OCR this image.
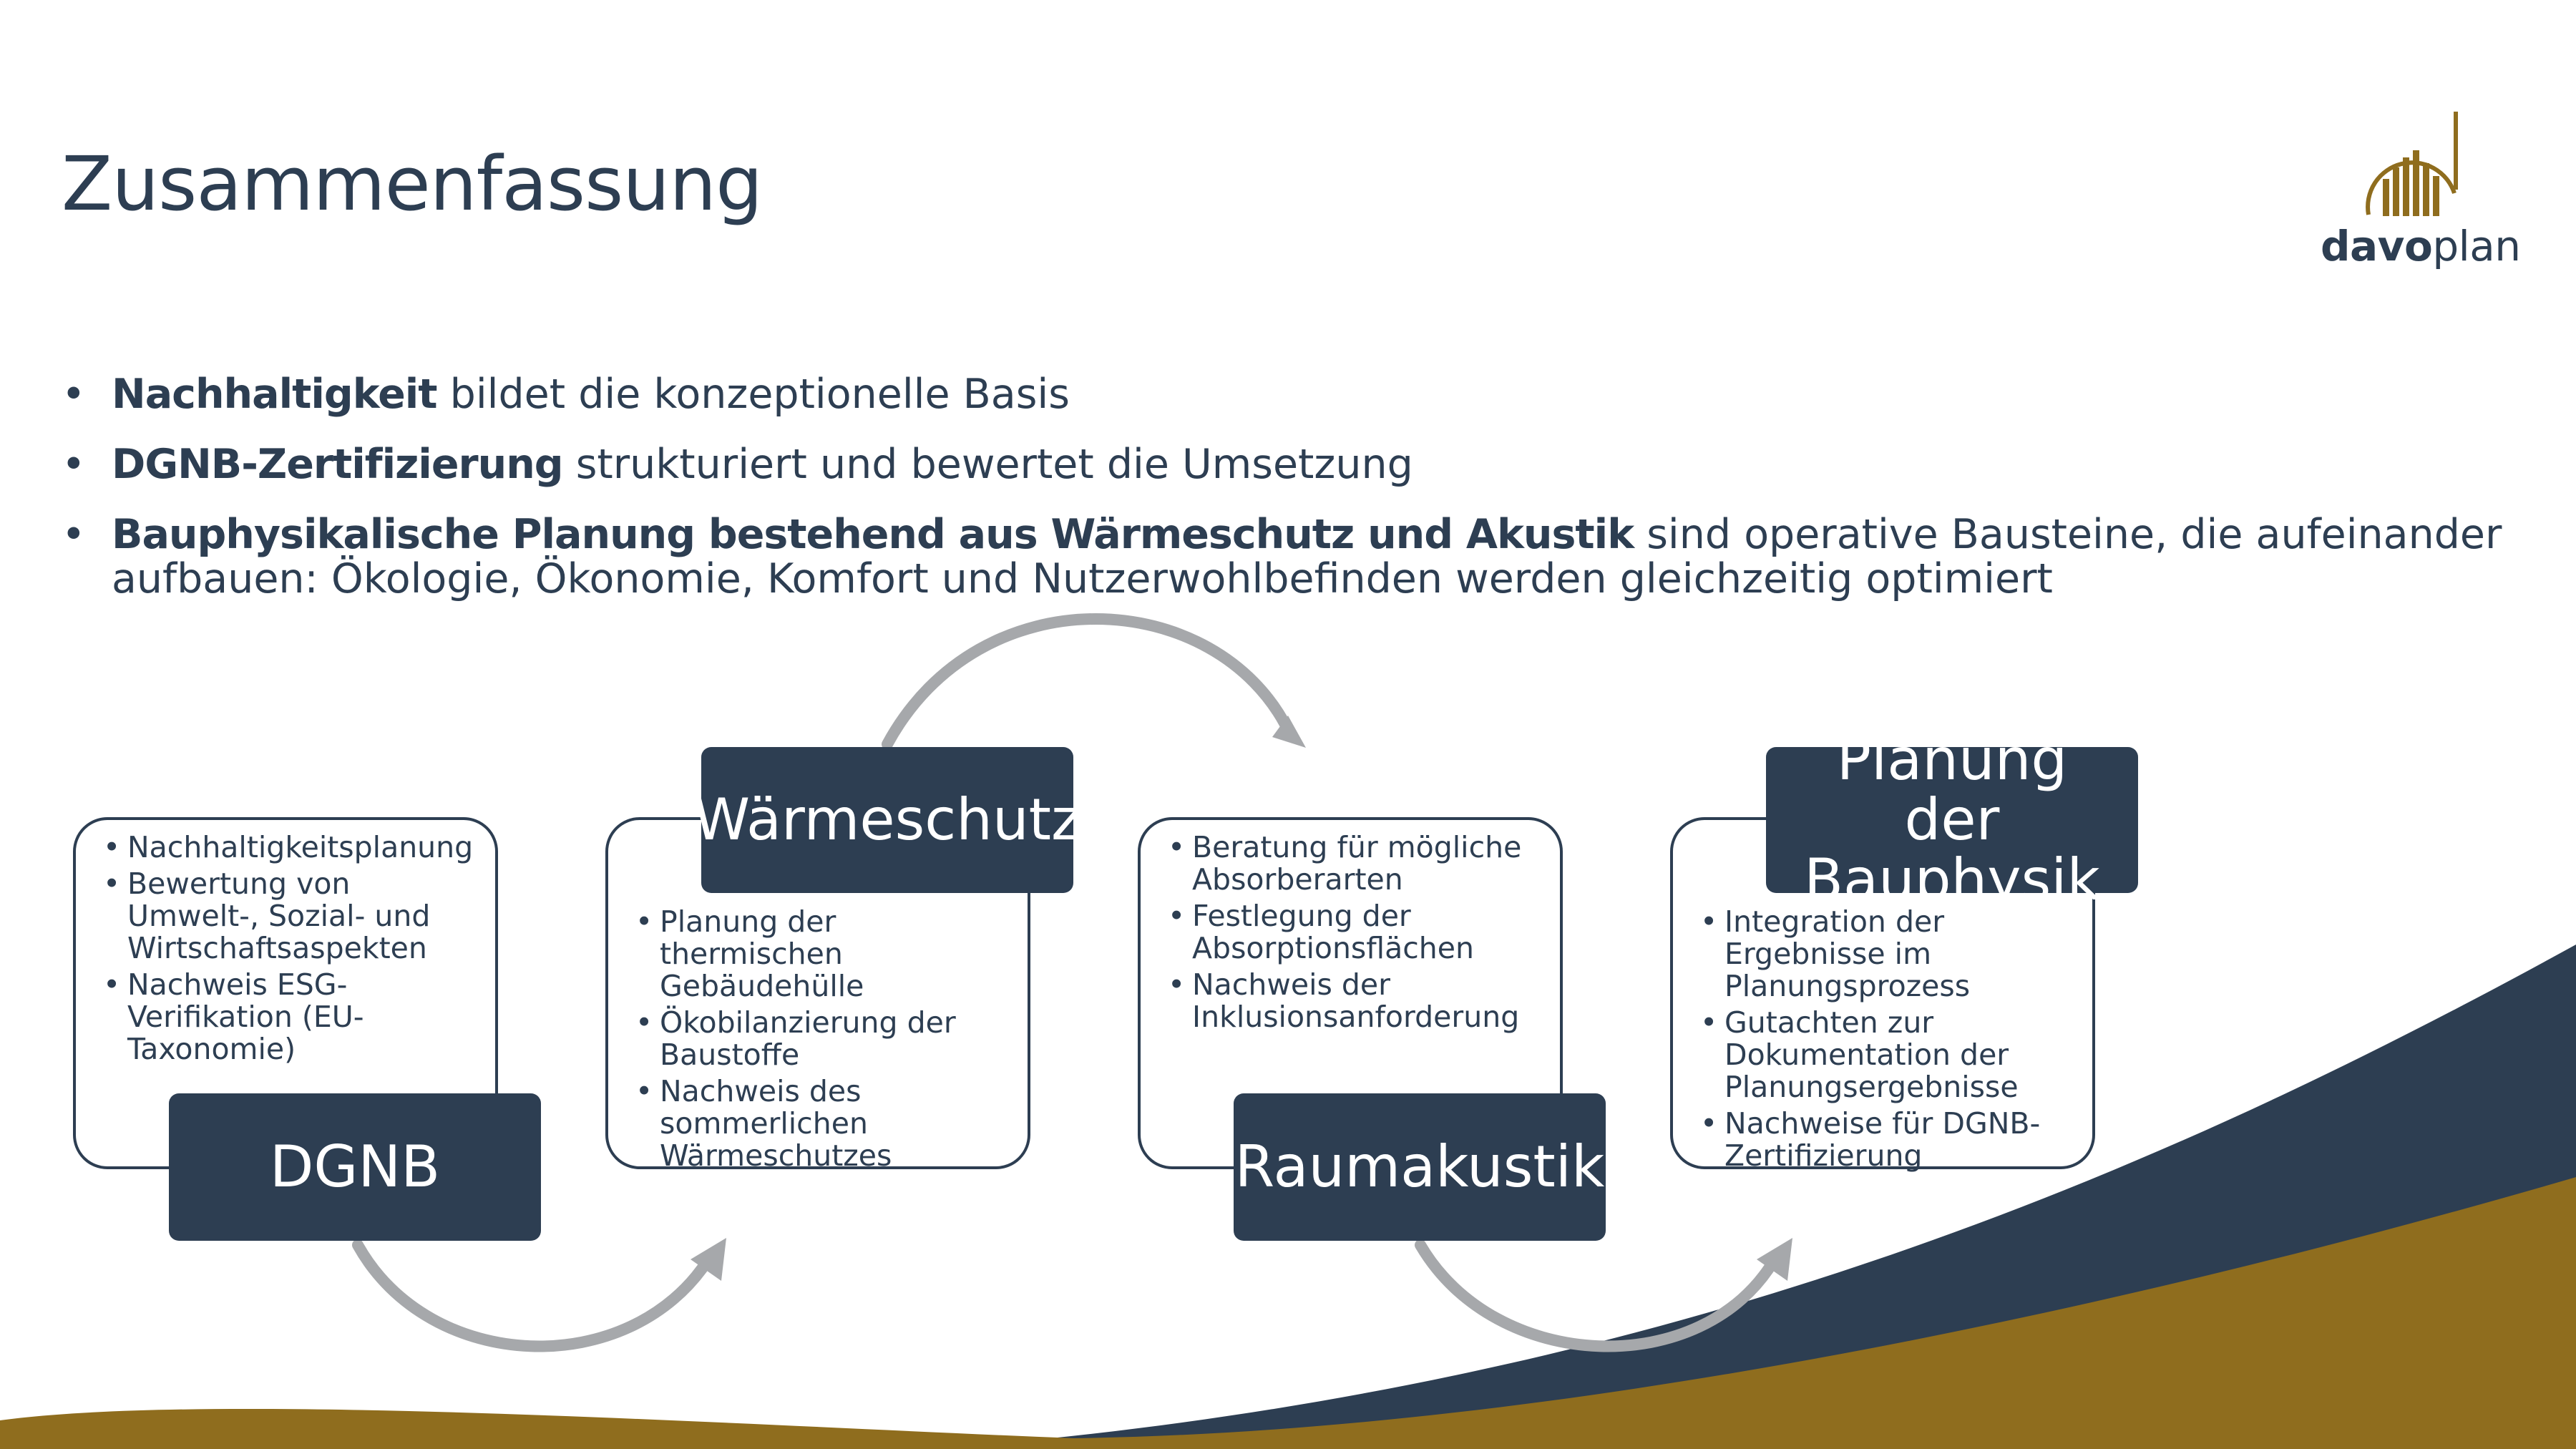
Zusammenfassung
davoplan
• Nachhaltigkeit bildet die konzeptionelle Basis
• DGNB-Zertifizierung strukturiert und bewertet die Umsetzung
• Bauphysikalische Planung bestehend aus Wärmeschutz und Akustik sind operative Bausteine, die aufeinander aufbauen: Ökologie, Ökonomie, Komfort und Nutzerwohlbefinden werden gleichzeitig optimiert
• Nachhaltigkeitsplanung
• Bewertung von Umwelt-, Sozial- und Wirtschaftsaspekten
• Nachweis ESG-Verifikation (EU- Taxonomie)
DGNB
• Planung der thermischen Gebäudehülle
• Ökobilanzierung der Baustoffe
• Nachweis des sommerlichen Wärmeschutzes
Wärmeschutz	• Beratung für mögliche Absorberarten
• Festlegung der Absorptionsflächen
• Nachweis der Inklusionsanforderung
Raumakustik
• Integration der Ergebnisse im Planungsprozess
• Gutachten zur Dokumentation der Planungsergebnisse
• Nachweise für DGNB-Zertifizierung
Planung der Bauphysik
